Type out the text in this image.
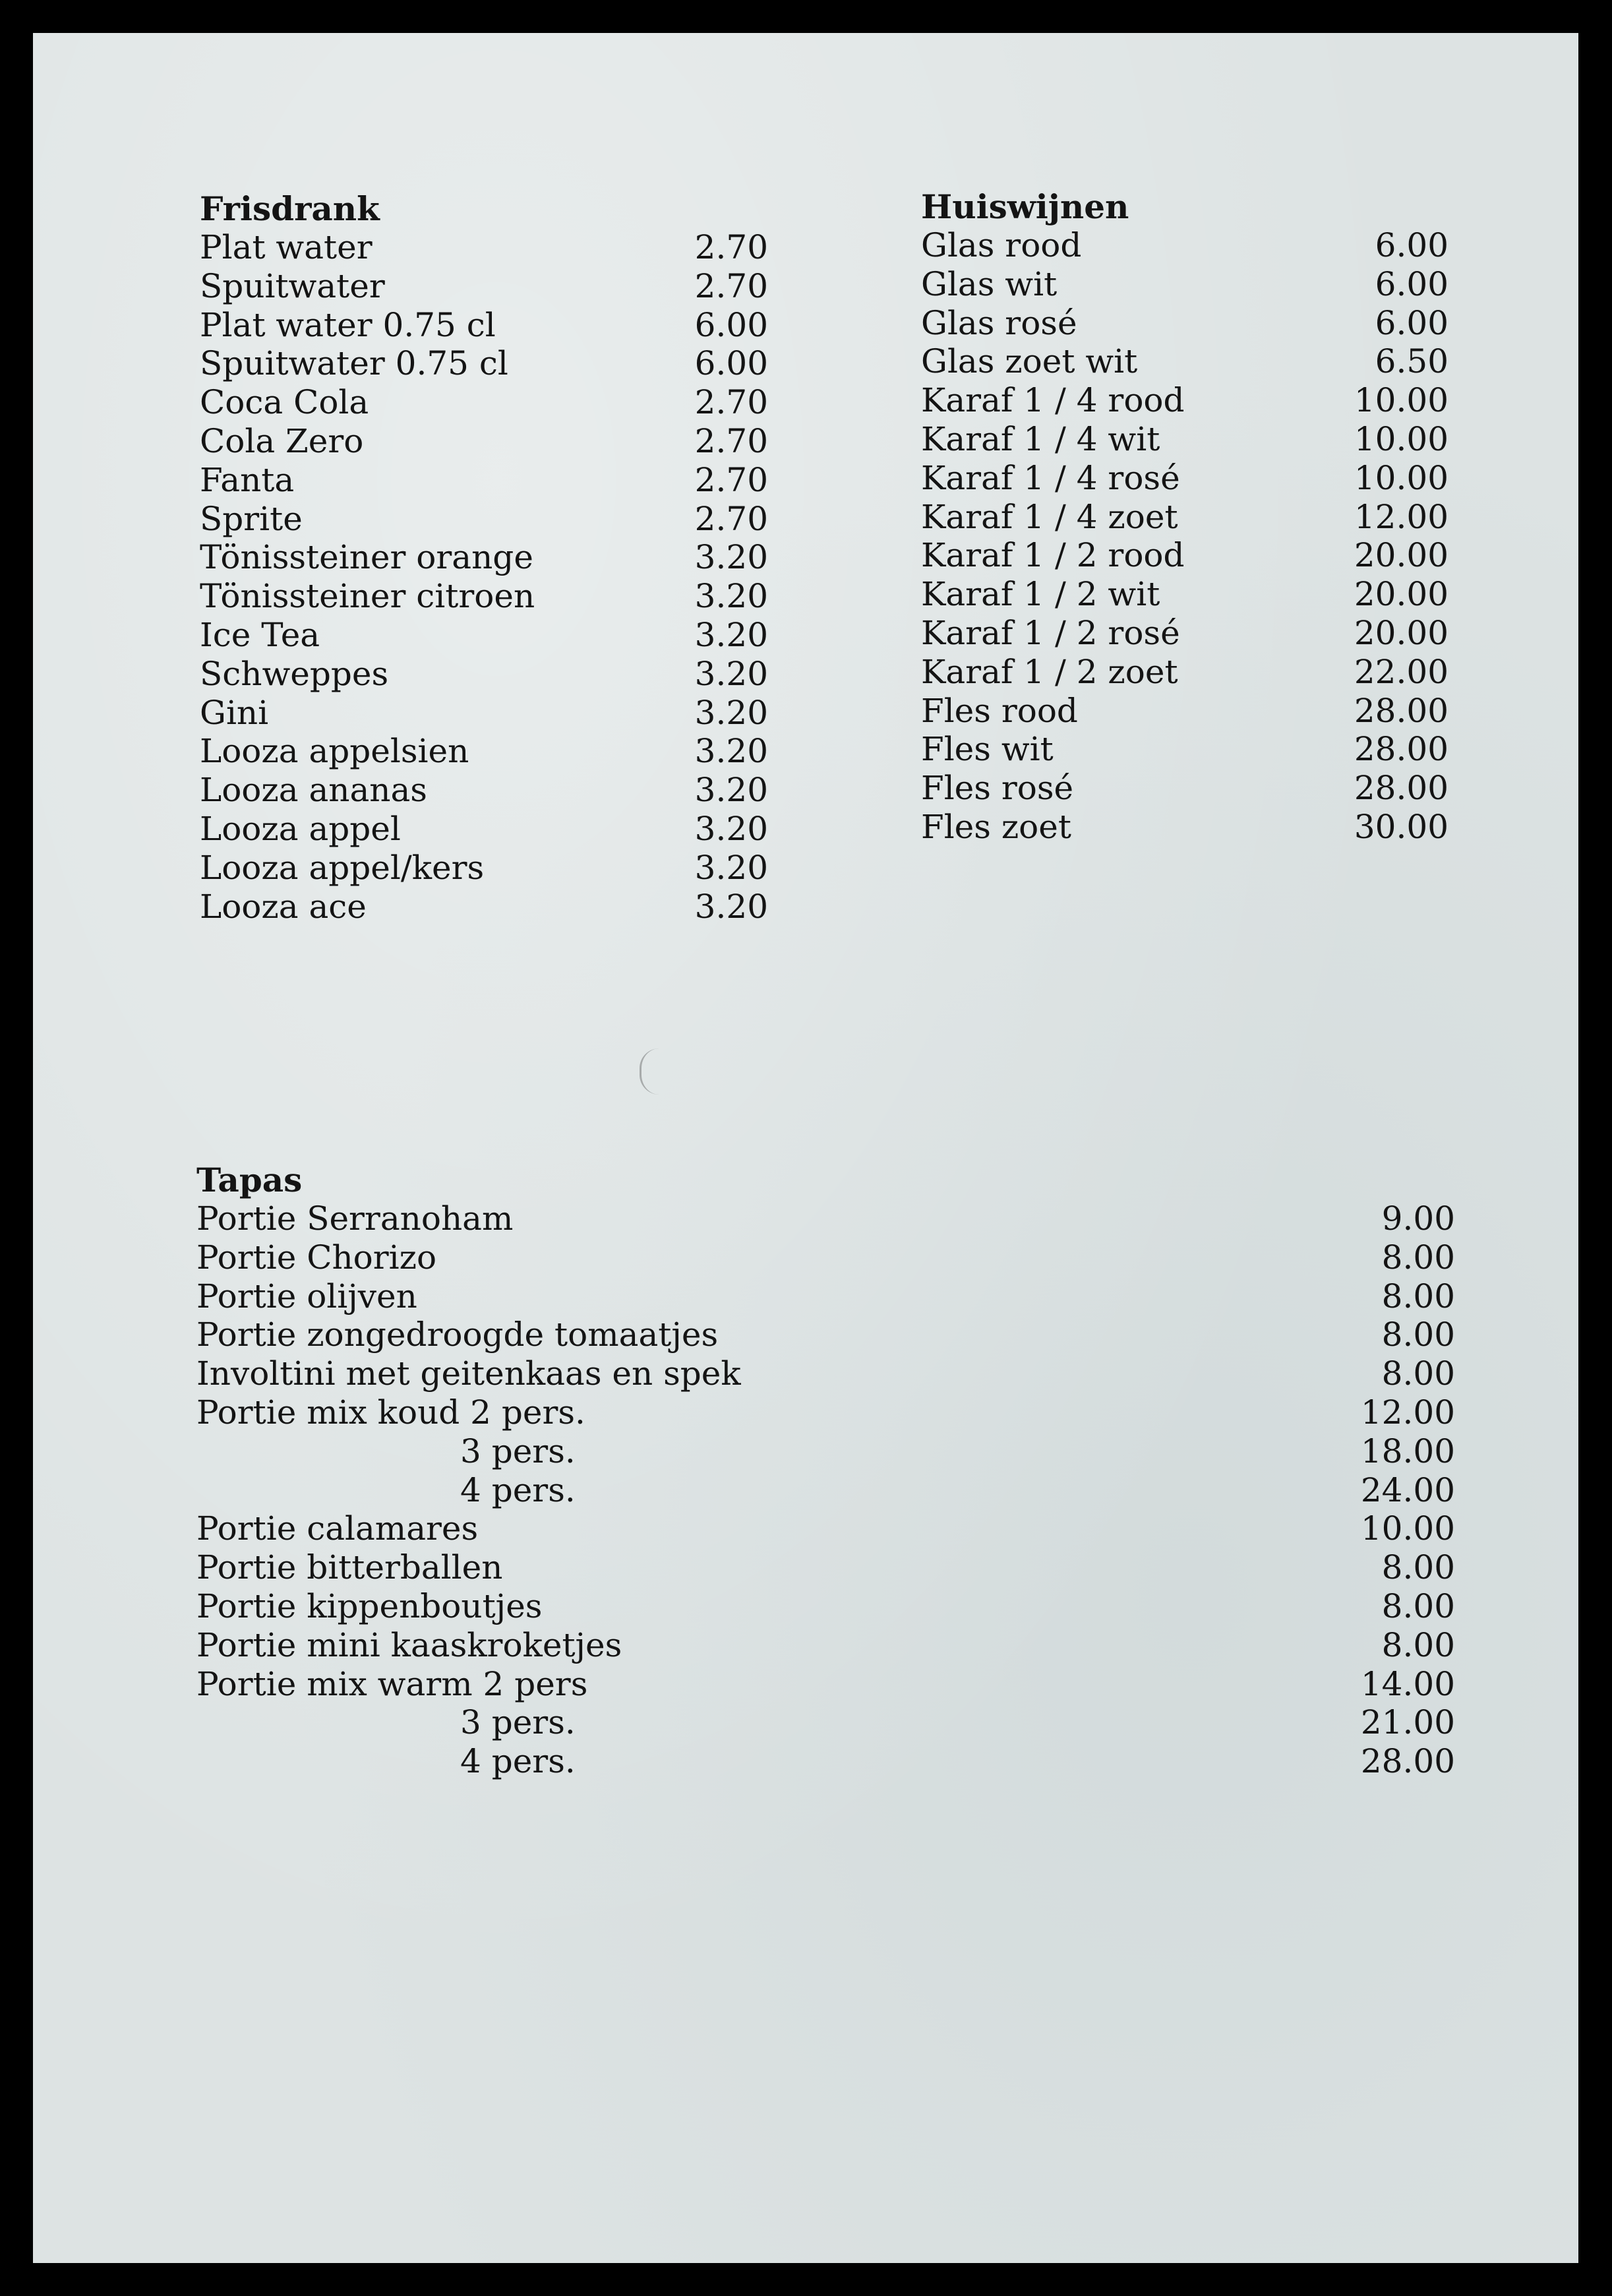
Frisdrank
Plat water	2.70
Spuitwater	2.70
Plat water 0.75 cl	6.00
Spuitwater 0.75 cl	6.00
Coca Cola	2.70
Cola Zero	2.70
Fanta	2.70
Sprite	2.70
Tönissteiner orange	3.20
Tönissteiner citroen	3.20
Ice Tea	3.20
Schweppes	3.20
Gini	3.20
Looza appelsien	3.20
Looza ananas	3.20
Looza appel	3.20
Looza appel/kers	3.20
Looza ace	3.20
Huiswijnen
Glas rood	6.00
Glas wit	6.00
Glas rosé	6.00
Glas zoet wit	6.50
Karaf 1 / 4 rood	10.00
Karaf 1 / 4 wit	10.00
Karaf 1 / 4 rosé	10.00
Karaf 1 / 4 zoet	12.00
Karaf 1 / 2 rood	20.00
Karaf 1 / 2 wit	20.00
Karaf 1 / 2 rosé	20.00
Karaf 1 / 2 zoet	22.00
Fles rood	28.00
Fles wit	28.00
Fles rosé	28.00
Fles zoet	30.00
Tapas
Portie Serranoham	9.00
Portie Chorizo	8.00
Portie olijven	8.00
Portie zongedroogde tomaatjes	8.00
Involtini met geitenkaas en spek	8.00
Portie mix koud 2 pers.	12.00
3 pers.	18.00
4 pers.	24.00
Portie calamares	10.00
Portie bitterballen	8.00
Portie kippenboutjes	8.00
Portie mini kaaskroketjes	8.00
Portie mix warm 2 pers	14.00
3 pers.	21.00
4 pers.	28.00
